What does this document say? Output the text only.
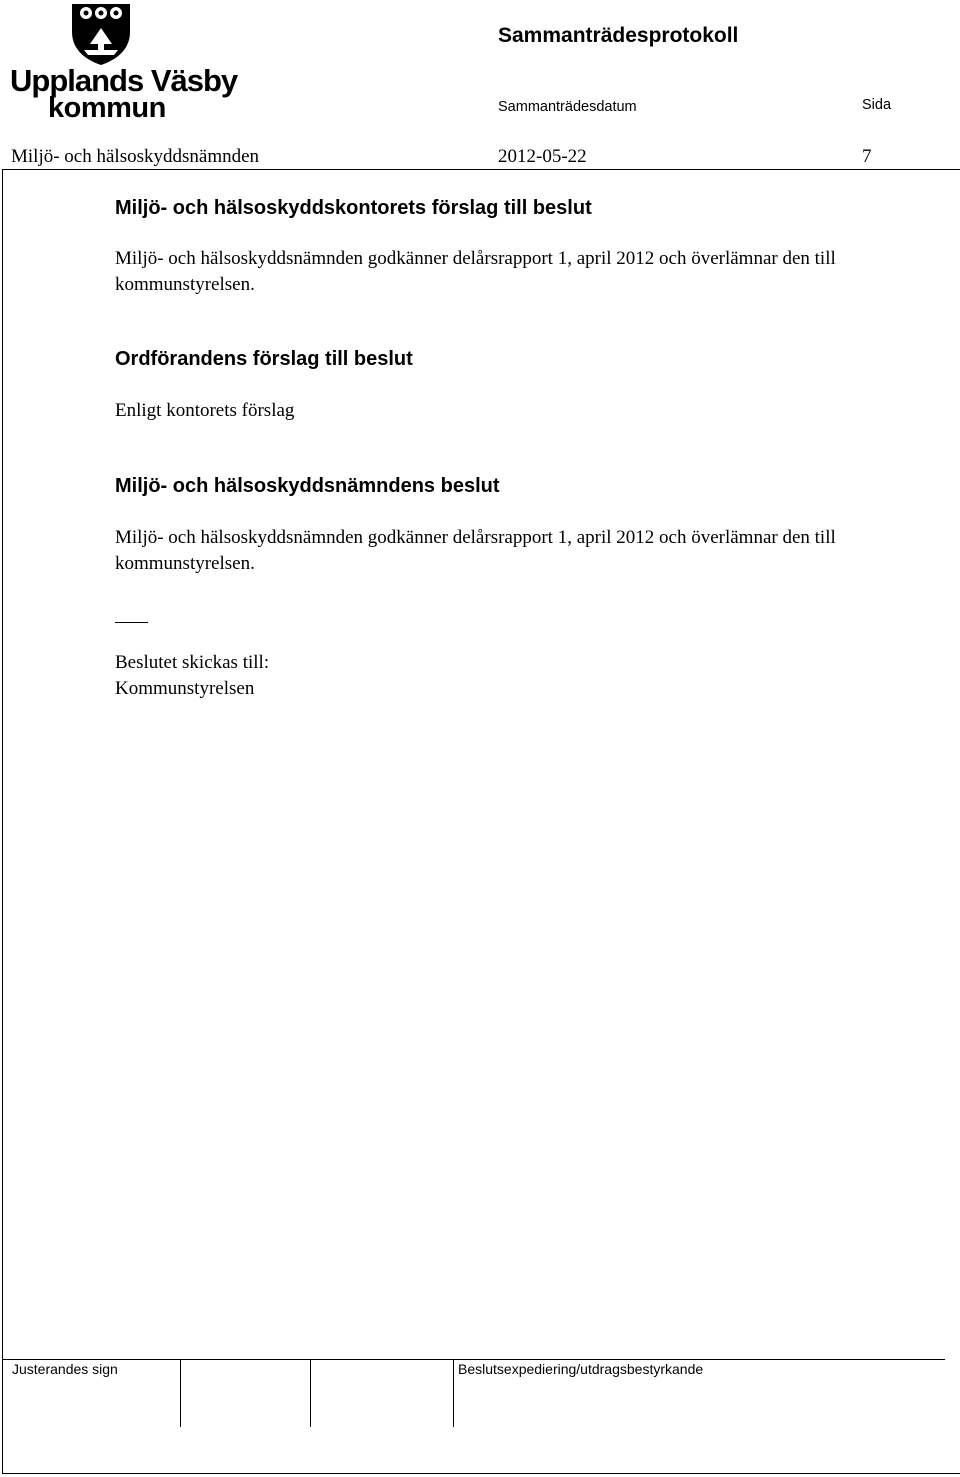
Upplands Väsby
kommun
Sammanträdesprotokoll
Sammanträdesdatum	Sida
Miljö- och hälsoskyddsnämnden	2012-05-22	7
Miljö- och hälsoskyddskontorets förslag till beslut
Miljö- och hälsoskyddsnämnden godkänner delårsrapport 1, april 2012 och överlämnar den till kommunstyrelsen.
Ordförandens förslag till beslut
Enligt kontorets förslag
Miljö- och hälsoskyddsnämndens beslut
Miljö- och hälsoskyddsnämnden godkänner delårsrapport 1, april 2012 och överlämnar den till kommunstyrelsen.
Beslutet skickas till:
Kommunstyrelsen
Justerandes sign	Beslutsexpediering/utdragsbestyrkande
